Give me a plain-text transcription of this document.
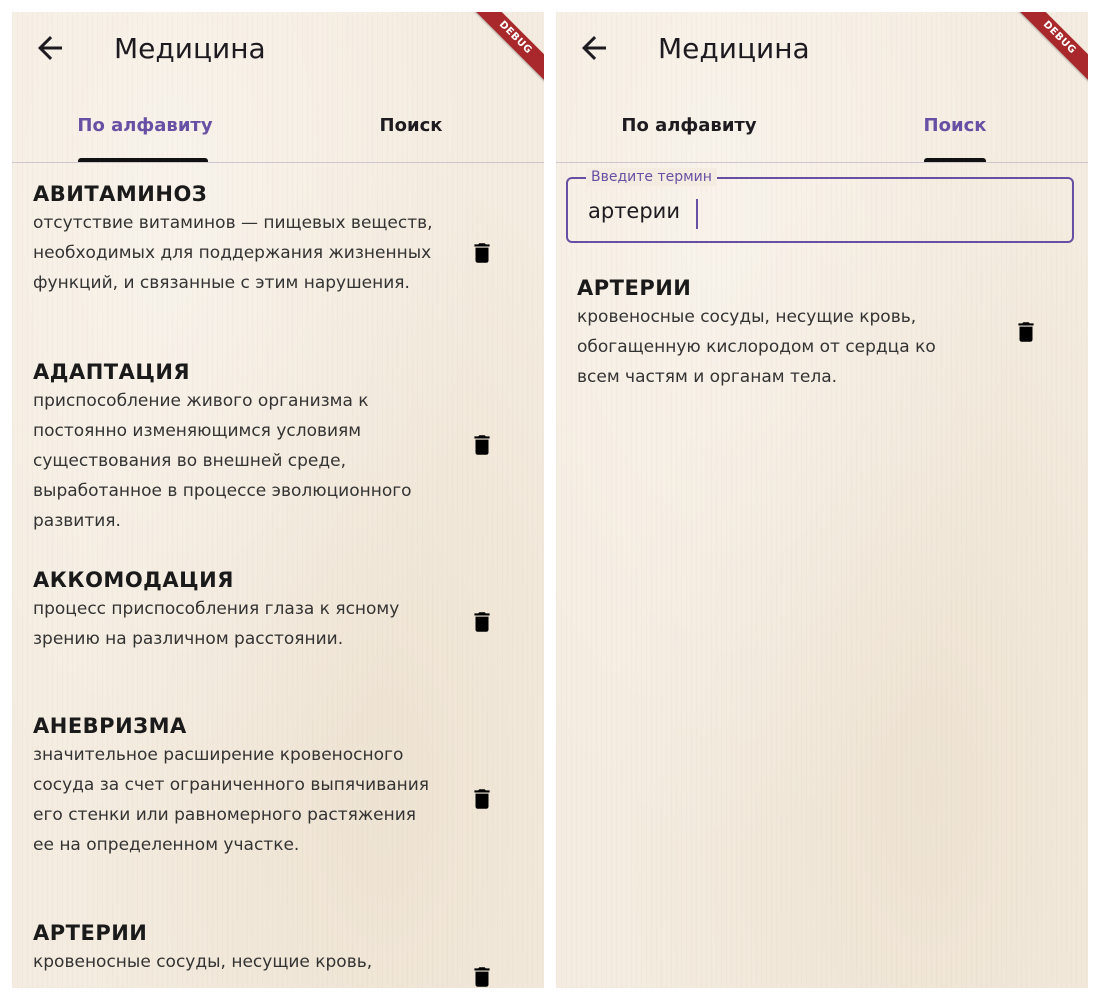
Медицина	DEBUG
По алфавиту	Поиск
АВИТАМИНОЗ
отсутствие витаминов — пищевых веществ, необходимых для поддержания жизненных функций, и связанные с этим нарушения.
АДАПТАЦИЯ
приспособление живого организма к постоянно изменяющимся условиям существования во внешней среде, выработанное в процессе эволюционного развития.
АККОМОДАЦИЯ
процесс приспособления глаза к ясному зрению на различном расстоянии.
АНЕВРИЗМА
значительное расширение кровеносного сосуда за счет ограниченного выпячивания его стенки или равномерного растяжения ее на определенном участке.
АРТЕРИИ
кровеносные сосуды, несущие кровь,
Медицина	DEBUG
По алфавиту	Поиск
Введите термин
артерии
АРТЕРИИ
кровеносные сосуды, несущие кровь, обогащенную кислородом от сердца ко всем частям и органам тела.
